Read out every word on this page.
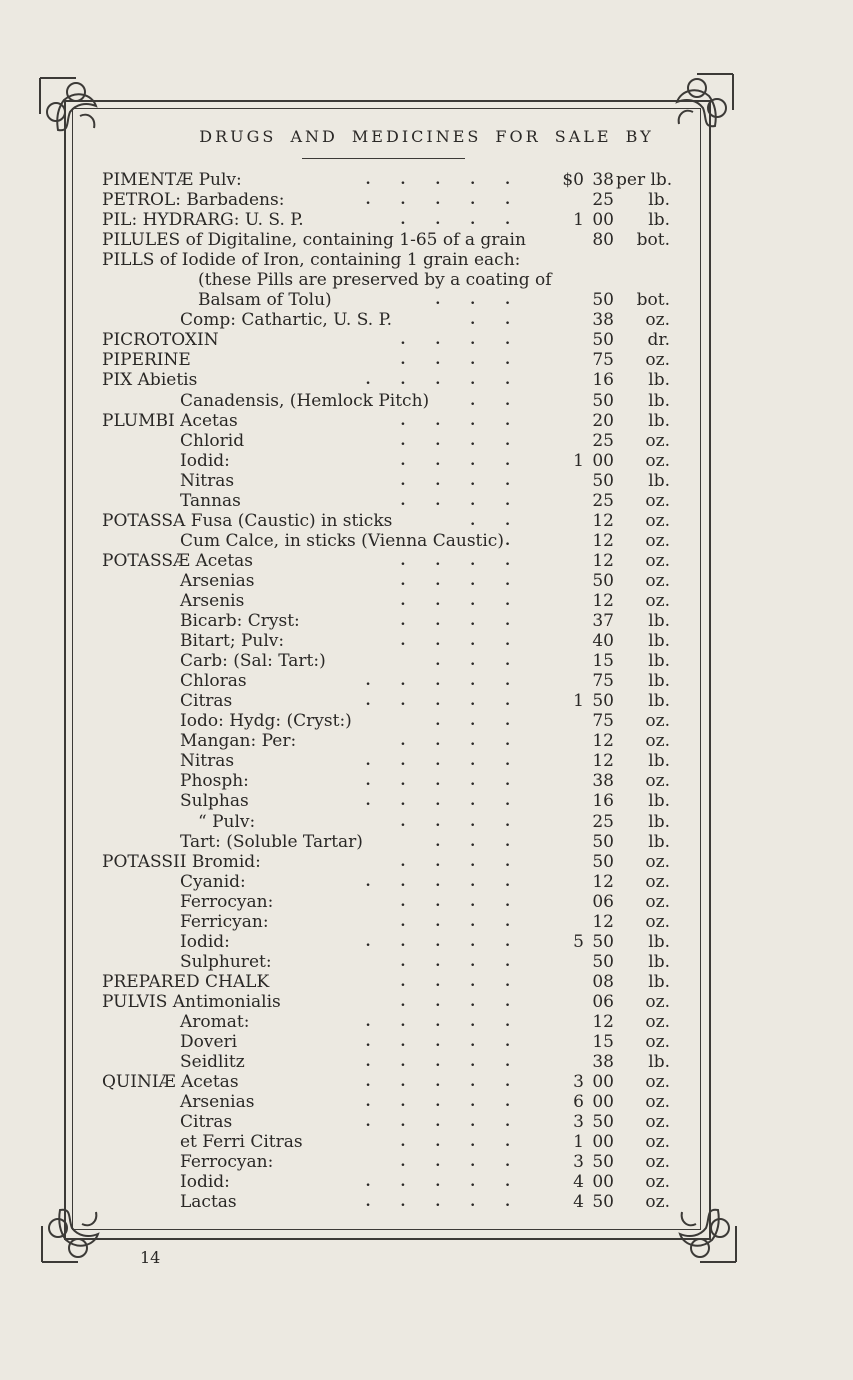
DRUGS AND MEDICINES FOR SALE BY
PIMENTÆ Pulv:	.....	$0 38 per lb.
PETROL: Barbadens:	.....	25	lb.
PIL: HYDRARG: U. S. P.	....	1 00	lb.
PILULES of Digitaline, containing 1-65 of a grain	80	bot.
PILLS of Iodide of Iron, containing 1 grain each:
(these Pills are preserved by a coating of
Balsam of Tolu)	...	50	bot.
Comp: Cathartic, U. S. P.	..	38	oz.
PICROTOXIN	....	50	dr.
PIPERINE	....	75	oz.
PIX Abietis	.....	16	lb.
Canadensis, (Hemlock Pitch)	..	50	lb.
PLUMBI Acetas	....	20	lb.
Chlorid	....	25	oz.
Iodid:	....	1 00	oz.
Nitras	....	50	lb.
Tannas	....	25	oz.
POTASSA Fusa (Caustic) in sticks	..	12	oz.
Cum Calce, in sticks (Vienna Caustic) .	12	oz.
POTASSÆ Acetas	....	12	oz.
Arsenias	....	50	oz.
Arsenis	....	12	oz.
Bicarb: Cryst:	....	37	lb.
Bitart; Pulv:	....	40	lb.
Carb: (Sal: Tart:)	...	15	lb.
Chloras	.....	75	lb.
Citras	.....	1 50	lb.
Iodo: Hydg: (Cryst:)	...	75	oz.
Mangan: Per:	....	12	oz.
Nitras	.....	12	lb.
Phosph:	.....	38	oz.
Sulphas	.....	16	lb.
“ Pulv:	....	25	lb.
Tart: (Soluble Tartar)	...	50	lb.
POTASSII Bromid:	....	50	oz.
Cyanid:	.....	12	oz.
Ferrocyan:	....	06	oz.
Ferricyan:	....	12	oz.
Iodid:	.....	5 50	lb.
Sulphuret:	....	50	lb.
PREPARED CHALK	....	08	lb.
PULVIS Antimonialis	....	06	oz.
Aromat:	.....	12	oz.
Doveri	.....	15	oz.
Seidlitz	.....	38	lb.
QUINIÆ Acetas	.....	3 00	oz.
Arsenias	.....	6 00	oz.
Citras	.....	3 50	oz.
et Ferri Citras	....	1 00	oz.
Ferrocyan:	....	3 50	oz.
Iodid:	.....	4 00	oz.
Lactas	.....	4 50	oz.
14
